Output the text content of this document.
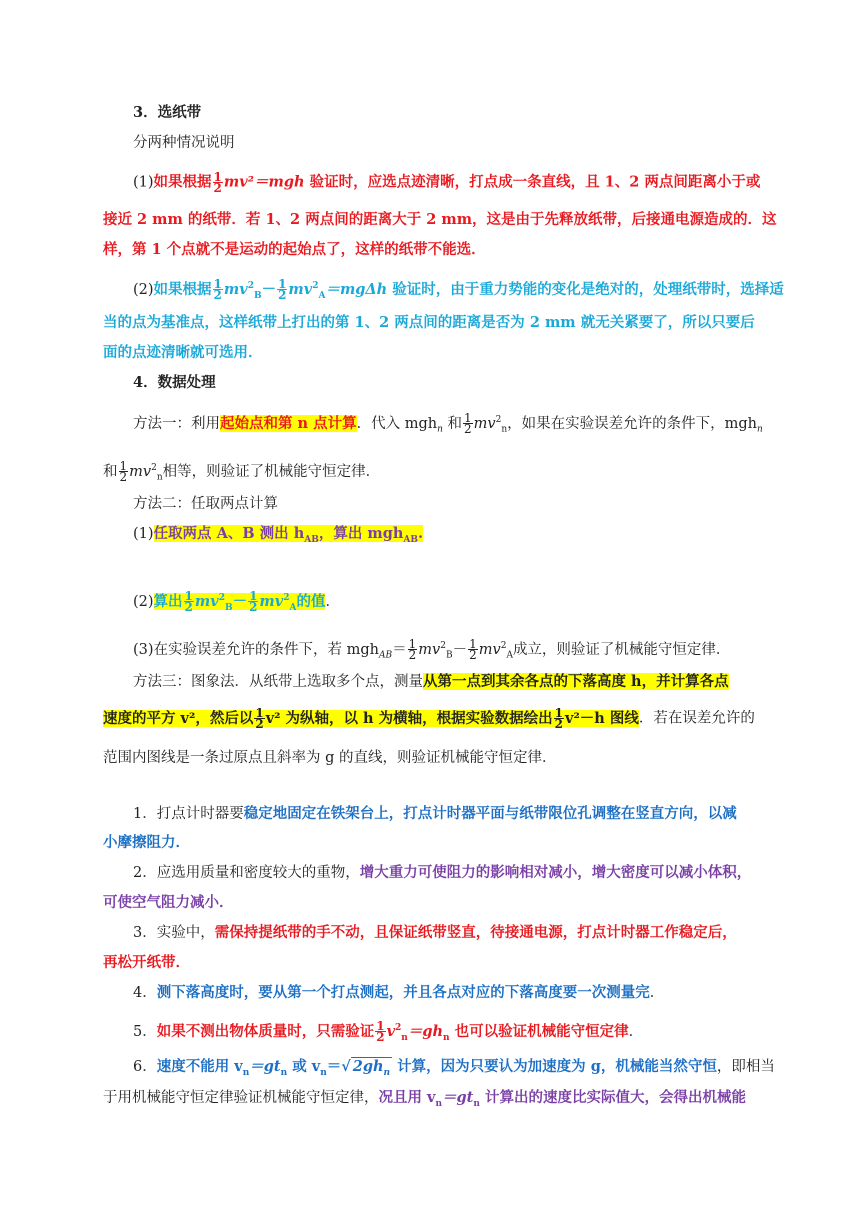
3．选纸带
分两种情况说明
(1)如果根据 $\frac{1}{2} mv^2=mgh$ 验证时，应选点迹清晰，打点成一条直线，且 1、2 两点间距离小于或
接近 2 mm 的纸带．若 1、2 两点间的距离大于 2 mm，这是由于先释放纸带，后接通电源造成的．这
样，第 1 个点就不是运动的起始点了，这样的纸带不能选．
(2)如果根据 $\frac{1}{2} mv^2_B- \frac{1}{2} mv^2_A=mg\Delta h$ 验证时，由于重力势能的变化是绝对的，处理纸带时，选择适
当的点为基准点，这样纸带上打出的第 1、2 两点间的距离是否为 2 mm 就无关紧要了，所以只要后
面的点迹清晰就可选用．
4．数据处理
方法一：利用起始点和第 n 点计算．代入 mgh$_n$ 和 $\frac{1}{2} mv^2_n$，如果在实验误差允许的条件下，mgh$_n$
和 $\frac{1}{2} mv^2_n$相等，则验证了机械能守恒定律．
方法二：任取两点计算
(1)任取两点 A、B 测出 $h_{AB}$，算出 mgh$_{AB}$.
(2)算出 $\frac{1}{2} mv^2_B- \frac{1}{2} mv^2_A$的值．
(3)在实验误差允许的条件下，若 $mgh_{AB}= \frac{1}{2} mv^2_B- \frac{1}{2} mv^2_A$成立，则验证了机械能守恒定律．
方法三：图象法．从纸带上选取多个点，测量从第一点到其余各点的下落高度 h，并计算各点
速度的平方 v²，然后以 $\frac{1}{2} v^2$ 为纵轴，以 h 为横轴，根据实验数据绘出 $\frac{1}{2} v^2-h$ 图线．若在误差允许的
范围内图线是一条过原点且斜率为 g 的直线，则验证机械能守恒定律．
1．打点计时器要稳定地固定在铁架台上，打点计时器平面与纸带限位孔调整在竖直方向，以减
小摩擦阻力．
2．应选用质量和密度较大的重物，增大重力可使阻力的影响相对减小，增大密度可以减小体积，
可使空气阻力减小．
3．实验中，需保持提纸带的手不动，且保证纸带竖直，待接通电源，打点计时器工作稳定后，
再松开纸带．
4．测下落高度时，要从第一个打点测起，并且各点对应的下落高度要一次测量完．
5．如果不测出物体质量时，只需验证 $\frac{1}{2} v^2_n=gh_n$ 也可以验证机械能守恒定律．
6．速度不能用 $v_n=gt_n$ 或 $v_n=√$ $2gh_n$ 计算，因为只要认为加速度为 g，机械能当然守恒，即相当
于用机械能守恒定律验证机械能守恒定律，况且用 $v_n=gt_n$ 计算出的速度比实际值大，会得出机械能
